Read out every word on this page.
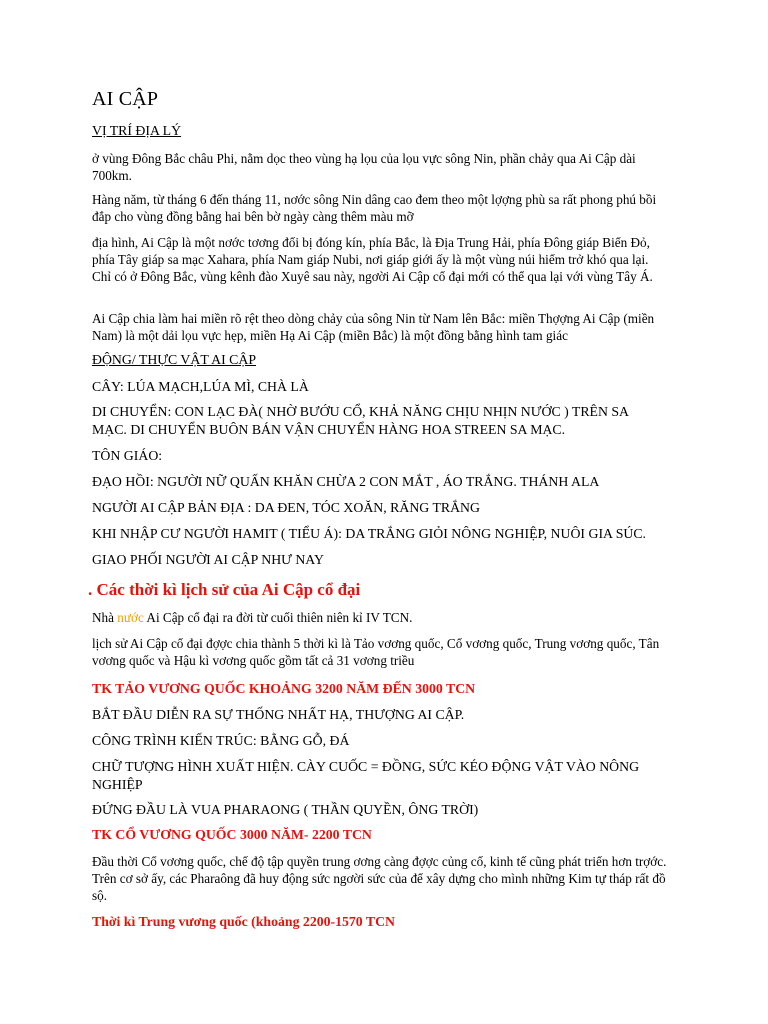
AI CẬP

VỊ TRÍ ĐỊA LÝ

ở vùng Đông Bắc châu Phi, nằm dọc theo vùng hạ lọu của lọu vực sông Nin, phần chảy qua Ai Cập dài 700km.

Hàng năm, từ tháng 6 đến tháng 11, nơớc sông Nin dâng cao đem theo một lợợng phù sa rất phong phú bồi đắp cho vùng đồng bằng hai bên bờ ngày càng thêm màu mỡ

địa hình, Ai Cập là một nơớc tơơng đối bị đóng kín, phía Bắc, là Địa Trung Hải, phía Đông giáp Biển Đỏ, phía Tây giáp sa mạc Xahara, phía Nam giáp Nubi, nơi giáp giới ấy là một vùng núi hiểm trở khó qua lại. Chỉ có ở Đông Bắc, vùng kênh đào Xuyê sau này, ngơời Ai Cập cổ đại mới có thể qua lại với vùng Tây Á.

Ai Cập chia làm hai miền rõ rệt theo dòng chảy của sông Nin từ Nam lên Bắc: miền Thợợng Ai Cập (miền Nam) là một dải lọu vực hẹp, miền Hạ Ai Cập (miền Bắc) là một đồng bằng hình tam giác

ĐỘNG/ THỰC VẬT AI CẬP

CÂY: LÚA MẠCH,LÚA MÌ, CHÀ LÀ

DI CHUYỂN: CON LẠC ĐÀ( NHỜ BƯỚU CỔ, KHẢ NĂNG CHỊU NHỊN NƯỚC ) TRÊN SA MẠC. DI CHUYỂN BUÔN BÁN VẬN CHUYỂN HÀNG HOA STREEN SA MẠC.

TÔN GIÁO:

ĐẠO HỒI: NGƯỜI NỮ QUẤN KHĂN CHỪA 2 CON MẮT , ÁO TRẮNG. THÁNH ALA

NGƯỜI AI CẬP BẢN ĐỊA : DA ĐEN, TÓC XOĂN, RĂNG TRẮNG

KHI NHẬP CƯ NGƯỜI HAMIT ( TIỂU Á): DA TRẮNG GIỎI NÔNG NGHIỆP, NUÔI GIA SÚC.

GIAO PHỐI NGƯỜI AI CẬP NHƯ NAY

. Các thời kì lịch sử của Ai Cập cổ đại

Nhà nước Ai Cập cổ đại ra đời từ cuối thiên niên kỉ IV TCN.

lịch sử Ai Cập cổ đại đợợc chia thành 5 thời kì là Tảo vơơng quốc, Cổ vơơng quốc, Trung vơơng quốc, Tân vơơng quốc và Hậu kì vơơng quốc gồm tất cả 31 vơơng triều

TK TẢO VƯƠNG QUỐC KHOẢNG 3200 NĂM ĐẾN 3000 TCN

BẮT ĐẦU DIỄN RA SỰ THỐNG NHẤT HẠ, THƯỢNG AI CẬP.

CÔNG TRÌNH KIẾN TRÚC: BẰNG GỖ, ĐÁ

CHỮ TƯỢNG HÌNH XUẤT HIỆN. CÀY CUỐC = ĐỒNG, SỨC KÉO ĐỘNG VẬT VÀO NÔNG NGHIỆP

ĐỨNG ĐẦU LÀ VUA PHARAONG ( THẦN QUYỀN, ÔNG TRỜI)

TK CỔ VƯƠNG QUỐC 3000 NĂM- 2200 TCN

Đầu thời Cổ vơơng quốc, chế độ tập quyền trung ơơng càng đợợc củng cố, kinh tế cũng phát triển hơn trợớc. Trên cơ sở ấy, các Pharaông đã huy động sức ngơời sức của để xây dựng cho mình những Kim tự tháp rất đồ sộ.

Thời kì Trung vương quốc (khoảng 2200-1570 TCN
